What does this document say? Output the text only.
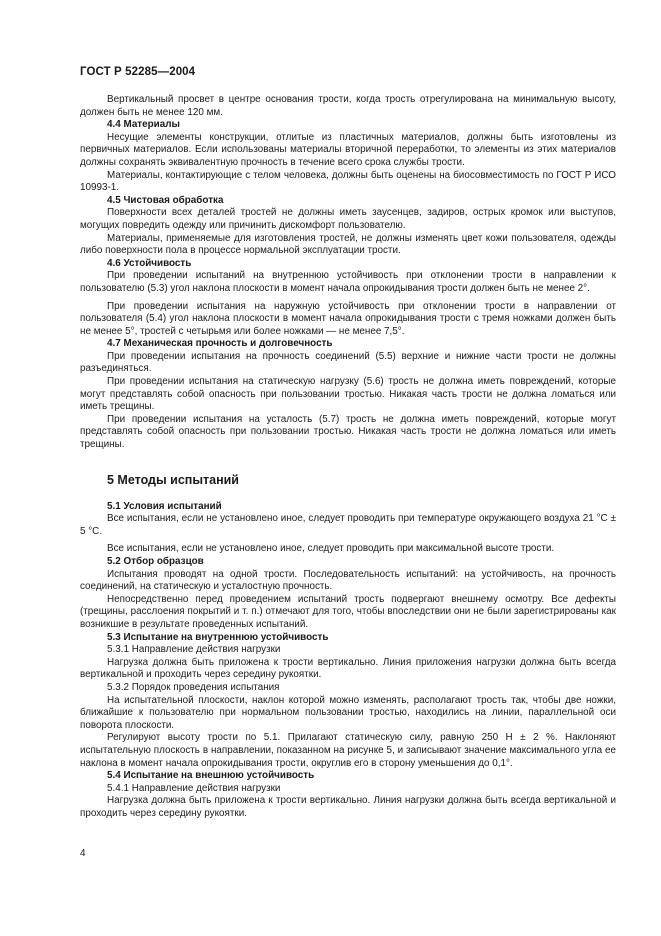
ГОСТ Р 52285—2004

Вертикальный просвет в центре основания трости, когда трость отрегулирована на минимальную высоту, должен быть не менее 120 мм.

4.4 Материалы

Несущие элементы конструкции, отлитые из пластичных материалов, должны быть изготовлены из первичных материалов. Если использованы материалы вторичной переработки, то элементы из этих материалов должны сохранять эквивалентную прочность в течение всего срока службы трости.

Материалы, контактирующие с телом человека, должны быть оценены на биосовместимость по ГОСТ Р ИСО 10993-1.

4.5 Чистовая обработка

Поверхности всех деталей тростей не должны иметь заусенцев, задиров, острых кромок или выступов, могущих повредить одежду или причинить дискомфорт пользователю.

Материалы, применяемые для изготовления тростей, не должны изменять цвет кожи пользователя, одежды либо поверхности пола в процессе нормальной эксплуатации трости.

4.6 Устойчивость

При проведении испытаний на внутреннюю устойчивость при отклонении трости в направлении к пользователю (5.3) угол наклона плоскости в момент начала опрокидывания трости должен быть не менее 2°.

При проведении испытания на наружную устойчивость при отклонении трости в направлении от пользователя (5.4) угол наклона плоскости в момент начала опрокидывания трости с тремя ножками должен быть не менее 5°, тростей с четырьмя или более ножками — не менее 7,5°.

4.7 Механическая прочность и долговечность

При проведении испытания на прочность соединений (5.5) верхние и нижние части трости не должны разъединяться.

При проведении испытания на статическую нагрузку (5.6) трость не должна иметь повреждений, которые могут представлять собой опасность при пользовании тростью. Никакая часть трости не должна ломаться или иметь трещины.

При проведении испытания на усталость (5.7) трость не должна иметь повреждений, которые могут представлять собой опасность при пользовании тростью. Никакая часть трости не должна ломаться или иметь трещины.

5 Методы испытаний

5.1 Условия испытаний

Все испытания, если не установлено иное, следует проводить при температуре окружающего воздуха 21 °С ± 5 °С.

Все испытания, если не установлено иное, следует проводить при максимальной высоте трости.

5.2 Отбор образцов

Испытания проводят на одной трости. Последовательность испытаний: на устойчивость, на прочность соединений, на статическую и усталостную прочность.

Непосредственно перед проведением испытаний трость подвергают внешнему осмотру. Все дефекты (трещины, расслоения покрытий и т. п.) отмечают для того, чтобы впоследствии они не были зарегистрированы как возникшие в результате проведенных испытаний.

5.3 Испытание на внутреннюю устойчивость

5.3.1 Направление действия нагрузки

Нагрузка должна быть приложена к трости вертикально. Линия приложения нагрузки должна быть всегда вертикальной и проходить через середину рукоятки.

5.3.2 Порядок проведения испытания

На испытательной плоскости, наклон которой можно изменять, располагают трость так, чтобы две ножки, ближайшие к пользователю при нормальном пользовании тростью, находились на линии, параллельной оси поворота плоскости.

Регулируют высоту трости по 5.1. Прилагают статическую силу, равную 250 Н ± 2 %. Наклоняют испытательную плоскость в направлении, показанном на рисунке 5, и записывают значение максимального угла ее наклона в момент начала опрокидывания трости, округлив его в сторону уменьшения до 0,1°.

5.4 Испытание на внешнюю устойчивость

5.4.1 Направление действия нагрузки

Нагрузка должна быть приложена к трости вертикально. Линия нагрузки должна быть всегда вертикальной и проходить через середину рукоятки.

4
